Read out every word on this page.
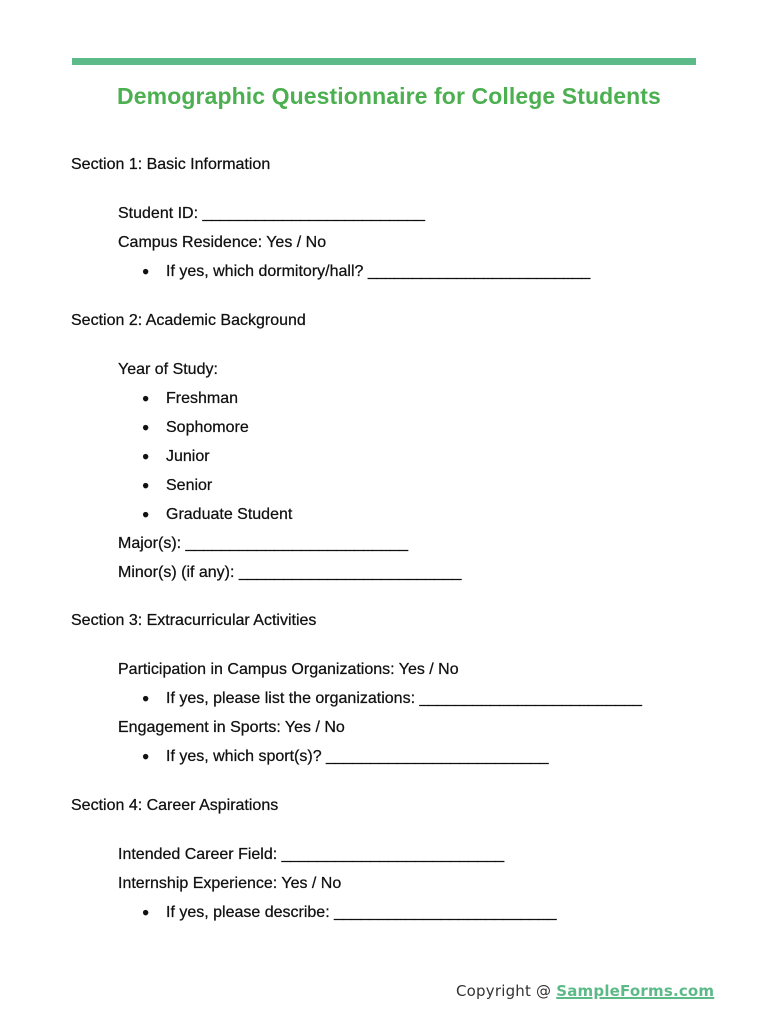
Demographic Questionnaire for College Students
Section 1: Basic Information
Student ID: _________________________
Campus Residence: Yes / No
● If yes, which dormitory/hall? _________________________
Section 2: Academic Background
Year of Study:
● Freshman
● Sophomore
● Junior
● Senior
● Graduate Student
Major(s): _________________________
Minor(s) (if any): _________________________
Section 3: Extracurricular Activities
Participation in Campus Organizations: Yes / No
● If yes, please list the organizations: _________________________
Engagement in Sports: Yes / No
● If yes, which sport(s)? _________________________
Section 4: Career Aspirations
Intended Career Field: _________________________
Internship Experience: Yes / No
● If yes, please describe: _________________________
Copyright @ SampleForms.com
